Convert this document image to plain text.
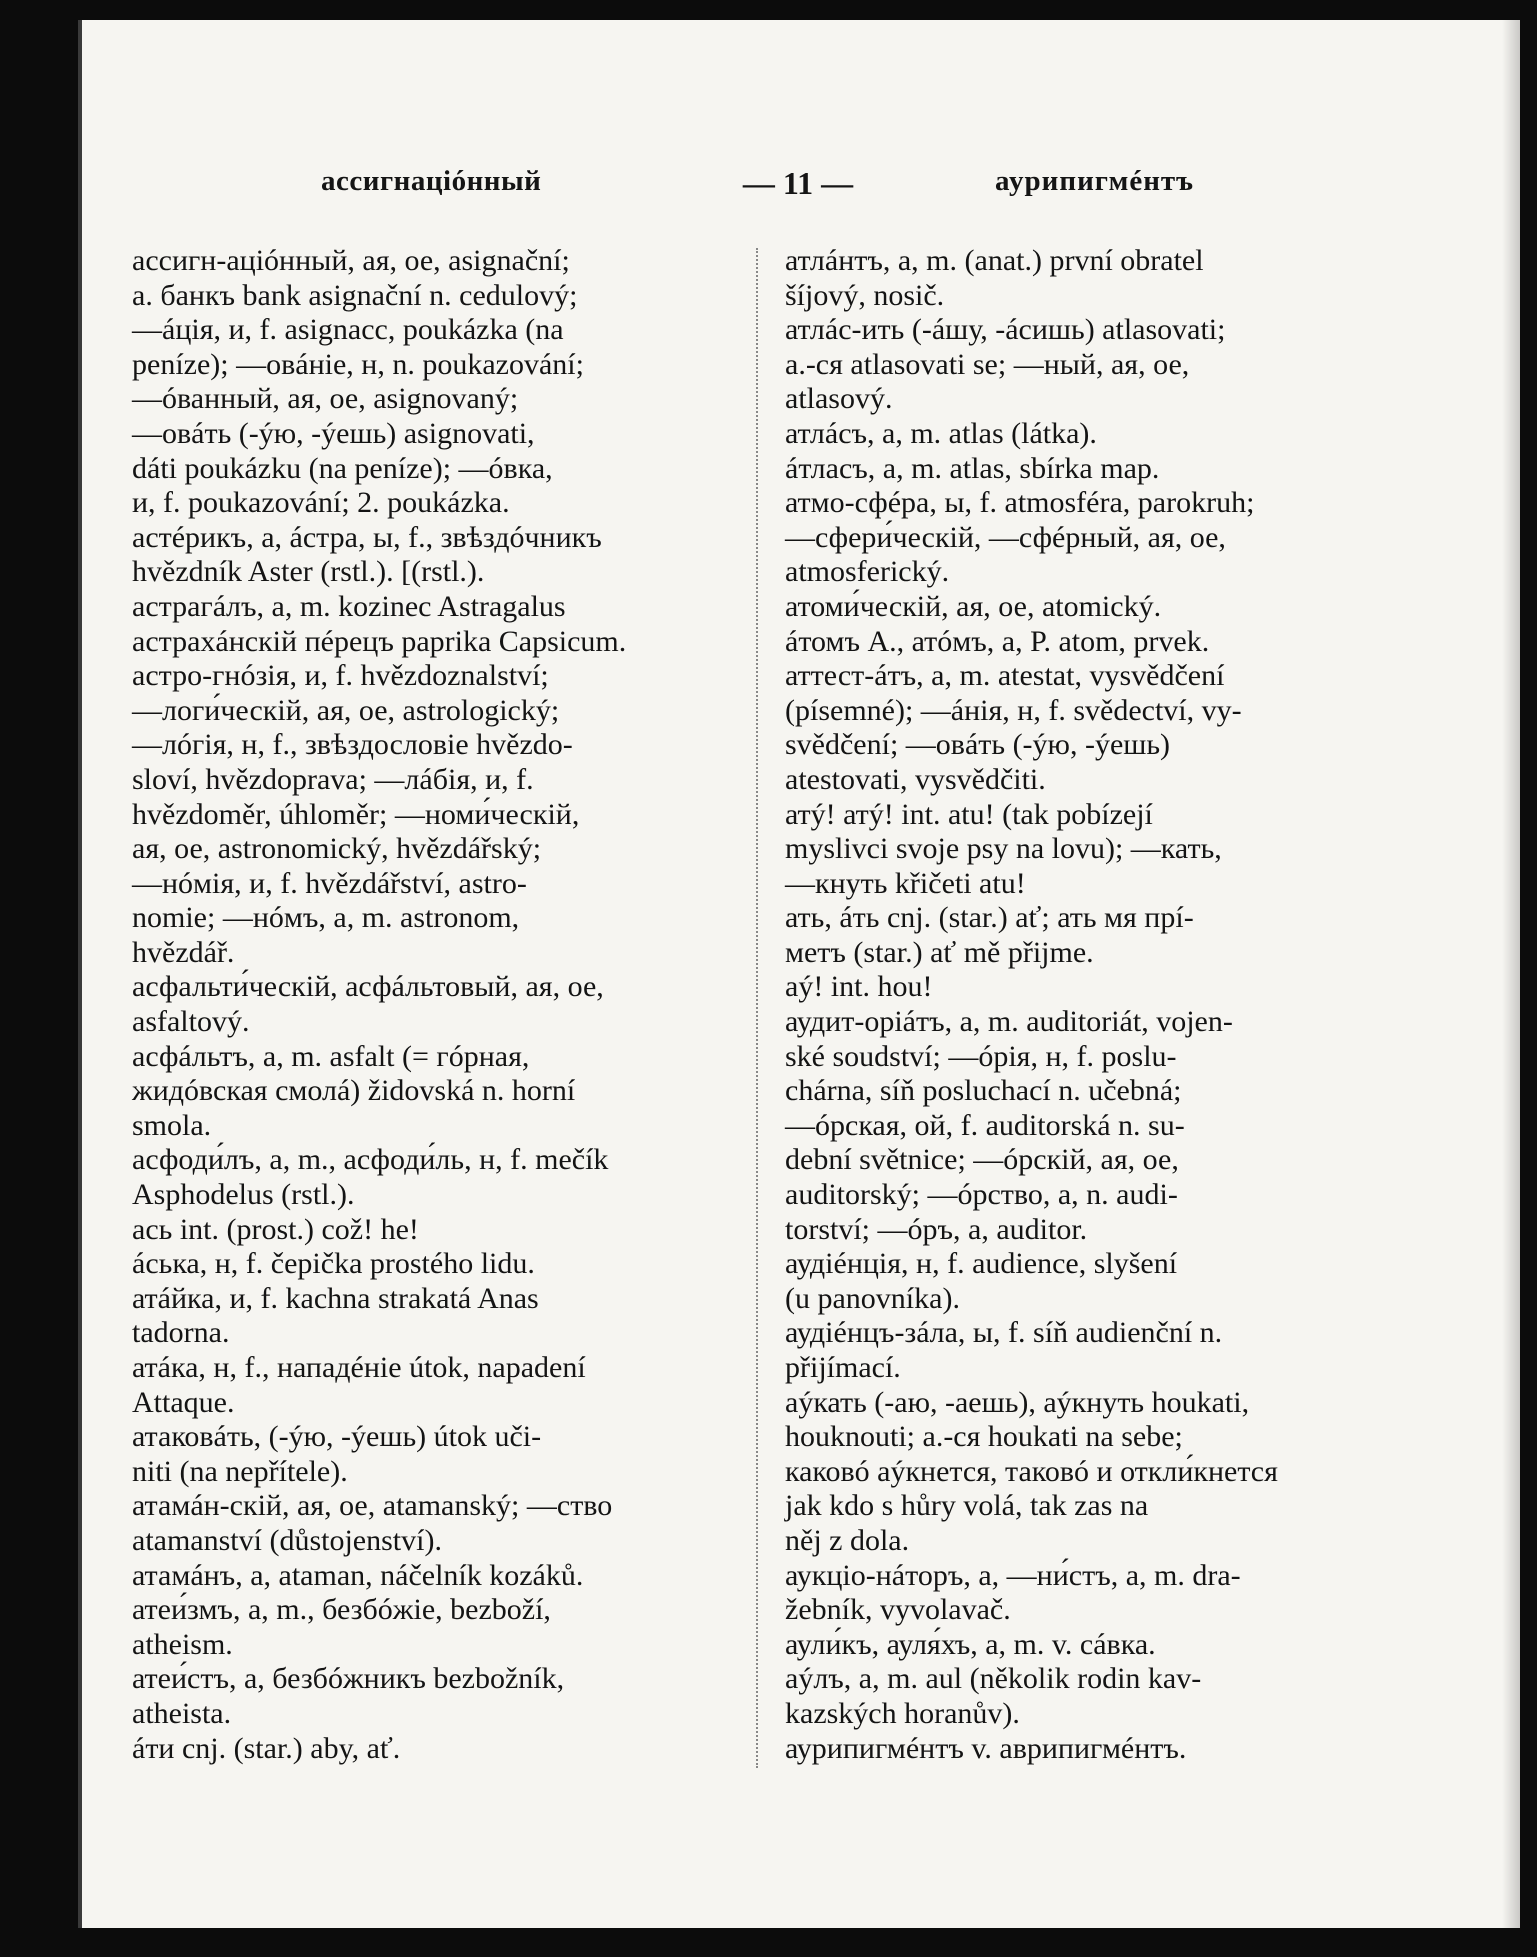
ассигнаціóнный	— 11 —	аурипигмéнтъ
ассигн-аціóнный, ая, ое, asignační;
a. банкъ bank asignační n. cedulový;
—áція, и, f. asignacc, poukázka (na
peníze); —овáніе, н, n. poukazování;
—óванный, ая, ое, asignovaný;
—овáть (-ýю, -ýешь) asignovati,
dáti poukázku (na peníze); —óвка,
и, f. poukazování; 2. poukázka.
астéрикъ, а, áстра, ы, f., звѣздóчникъ
hvězdník Aster (rstl.). [(rstl.).
астрагáлъ, а, m. kozinec Astragalus
астрахáнскій пéрецъ paprika Capsicum.
астро-гнóзія, и, f. hvězdoznalství;
—логи́ческій, ая, ое, astrologický;
—лóгія, н, f., звѣздословіе hvězdo-
sloví, hvězdoprava; —лáбія, и, f.
hvězdoměr, úhloměr; —номи́ческій,
ая, ое, astronomický, hvězdářský;
—нóмія, и, f. hvězdářství, astro-
nomie; —нóмъ, а, m. astronom,
hvězdář.
асфальти́ческій, асфáльтовый, ая, ое,
asfaltový.
асфáльтъ, а, m. asfalt (= гóрная,
жидóвская смолá) židovská n. horní
smola.
асфоди́лъ, а, m., асфоди́ль, н, f. mečík
Asphodelus (rstl.).
ась int. (prost.) což! he!
áська, н, f. čepička prostého lidu.
атáйка, и, f. kachna strakatá Anas
tadorna.
атáка, н, f., нападéніе útok, napadení
Attaque.
атаковáть, (-ýю, -ýешь) útok uči-
niti (na nepřítele).
атамáн-скій, ая, ое, atamanský; —ство
atamanství (důstojenství).
атамáнъ, а, ataman, náčelník kozáků.
атеи́змъ, а, m., безбóжіе, bezboží,
atheism.
атеи́стъ, а, безбóжникъ bezbožník,
atheista.
áти cnj. (star.) aby, ať.
атлáнтъ, а, m. (anat.) první obratel
šíjový, nosič.
атлáс-ить (-áшу, -áсишь) atlasovati;
a.-ся atlasovati se; —ный, ая, ое,
atlasový.
атлáсъ, а, m. atlas (látka).
áтласъ, а, m. atlas, sbírka map.
атмо-сфéра, ы, f. atmosféra, parokruh;
—сфери́ческій, —сфéрный, ая, ое,
atmosferický.
атоми́ческій, ая, ое, atomický.
áтомъ A., атóмъ, а, P. atom, prvek.
аттест-áтъ, а, m. atestat, vysvědčení
(písemné); —áнія, н, f. svědectví, vy-
svědčení; —овáть (-ýю, -ýешь)
atestovati, vysvědčiti.
атý! атý! int. atu! (tak pobízejí
myslivci svoje psy na lovu); —кать,
—кнуть křičeti atu!
ать, áть cnj. (star.) ať; ать мя прí-
метъ (star.) ať mě přijme.
аý! int. hou!
аудит-оріáтъ, а, m. auditoriát, vojen-
ské soudství; —óрія, н, f. poslu-
chárna, síň posluchací n. učebná;
—óрская, ой, f. auditorská n. su-
dební světnice; —óрскій, ая, ое,
auditorský; —óрство, а, n. audi-
torství; —óръ, а, auditor.
аудіéнція, н, f. audience, slyšení
(u panovníka).
аудіéнцъ-зáла, ы, f. síň audienční n.
přijímací.
аýкать (-аю, -аешь), аýкнуть houkati,
houknouti; a.-ся houkati na sebe;
каковó аýкнется, таковó и откли́кнется
jak kdo s hůry volá, tak zas na
něj z dola.
аукціо-нáторъ, а, —ни́стъ, а, m. dra-
žebník, vyvolavač.
аули́къ, ауля́хъ, а, m. v. сáвка.
аýлъ, а, m. aul (několik rodin kav-
kazských horanův).
аурипигмéнтъ v. аврипигмéнтъ.
